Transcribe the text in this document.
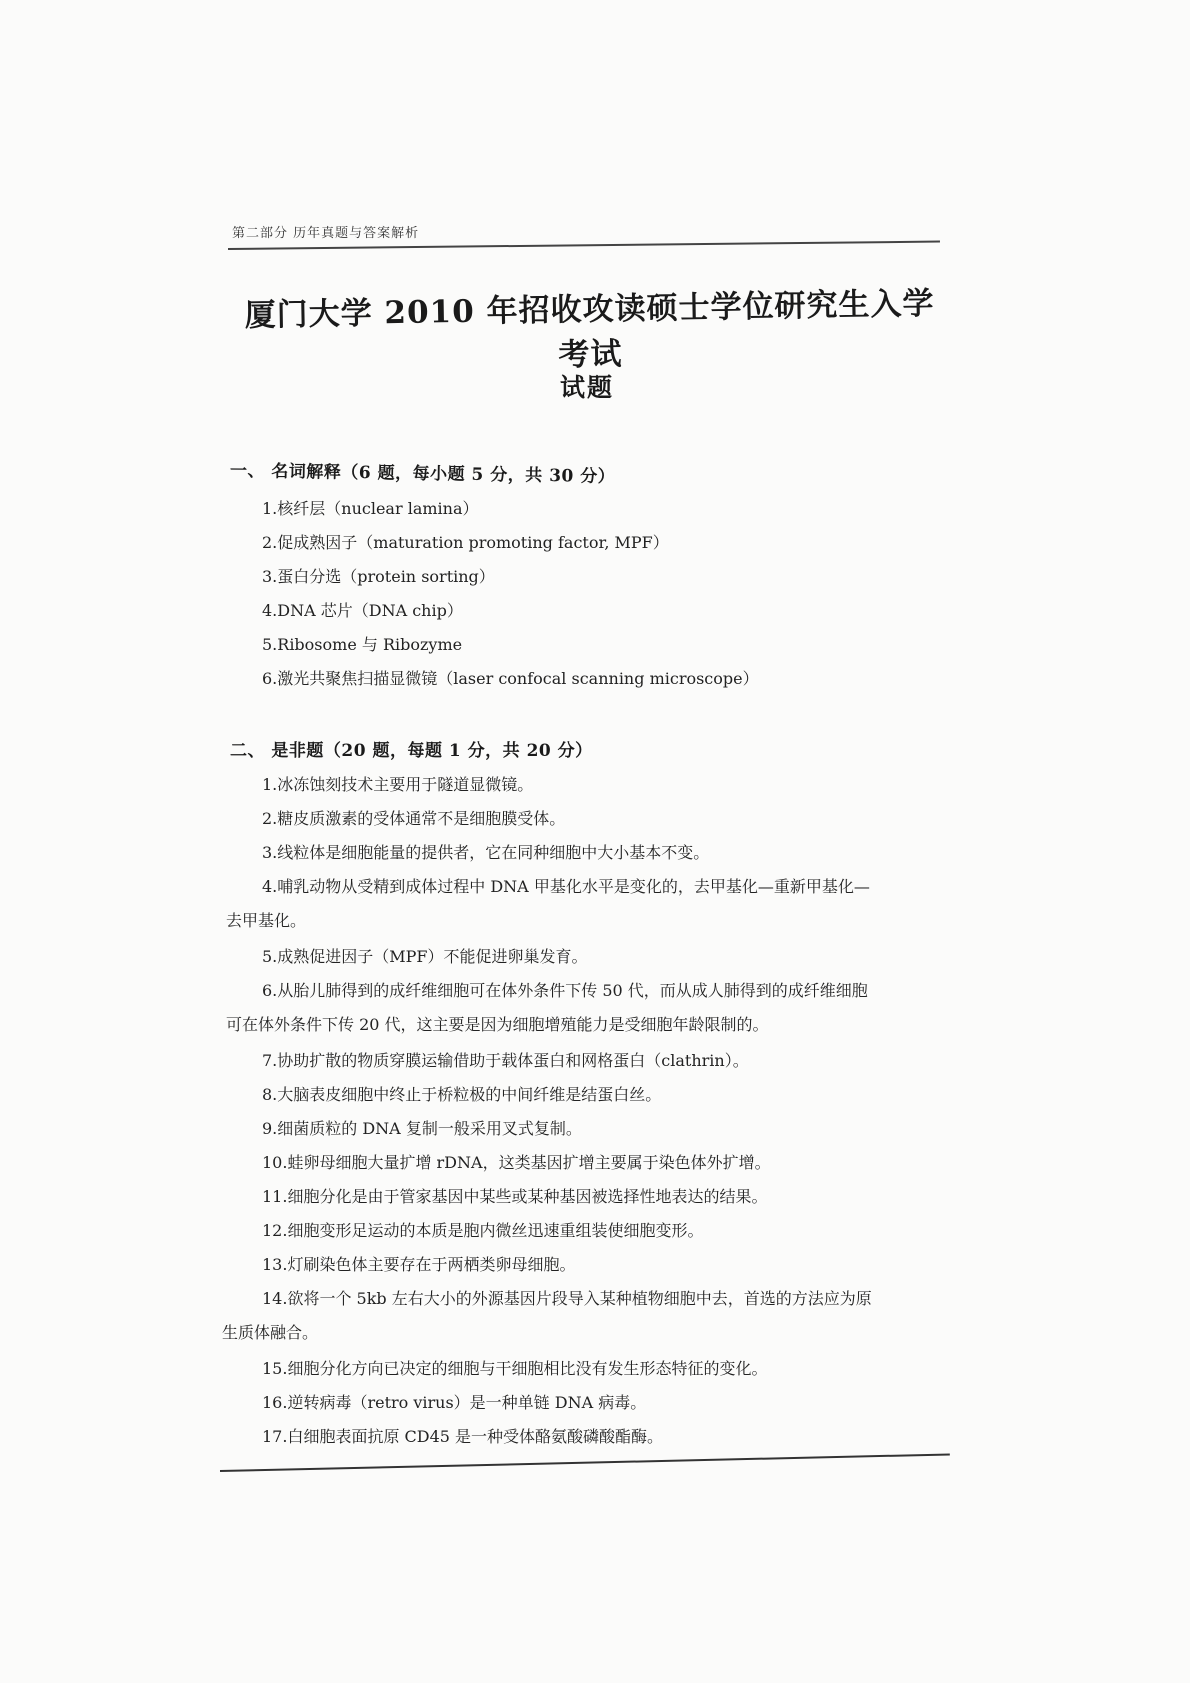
第二部分 历年真题与答案解析
厦门大学 2010 年招收攻读硕士学位研究生入学考试
试题
一、 名词解释（6 题，每小题 5 分，共 30 分）
1.核纤层（nuclear lamina）
2.促成熟因子（maturation promoting factor, MPF）
3.蛋白分选（protein sorting）
4.DNA 芯片（DNA chip）
5.Ribosome 与 Ribozyme
6.激光共聚焦扫描显微镜（laser confocal scanning microscope）
二、 是非题（20 题，每题 1 分，共 20 分）
1.冰冻蚀刻技术主要用于隧道显微镜。
2.糖皮质激素的受体通常不是细胞膜受体。
3.线粒体是细胞能量的提供者，它在同种细胞中大小基本不变。
4.哺乳动物从受精到成体过程中 DNA 甲基化水平是变化的，去甲基化—重新甲基化—
去甲基化。
5.成熟促进因子（MPF）不能促进卵巢发育。
6.从胎儿肺得到的成纤维细胞可在体外条件下传 50 代，而从成人肺得到的成纤维细胞
可在体外条件下传 20 代，这主要是因为细胞增殖能力是受细胞年龄限制的。
7.协助扩散的物质穿膜运输借助于载体蛋白和网格蛋白（clathrin）。
8.大脑表皮细胞中终止于桥粒极的中间纤维是结蛋白丝。
9.细菌质粒的 DNA 复制一般采用叉式复制。
10.蛙卵母细胞大量扩增 rDNA，这类基因扩增主要属于染色体外扩增。
11.细胞分化是由于管家基因中某些或某种基因被选择性地表达的结果。
12.细胞变形足运动的本质是胞内微丝迅速重组装使细胞变形。
13.灯刷染色体主要存在于两栖类卵母细胞。
14.欲将一个 5kb 左右大小的外源基因片段导入某种植物细胞中去，首选的方法应为原
生质体融合。
15.细胞分化方向已决定的细胞与干细胞相比没有发生形态特征的变化。
16.逆转病毒（retro virus）是一种单链 DNA 病毒。
17.白细胞表面抗原 CD45 是一种受体酪氨酸磷酸酯酶。
